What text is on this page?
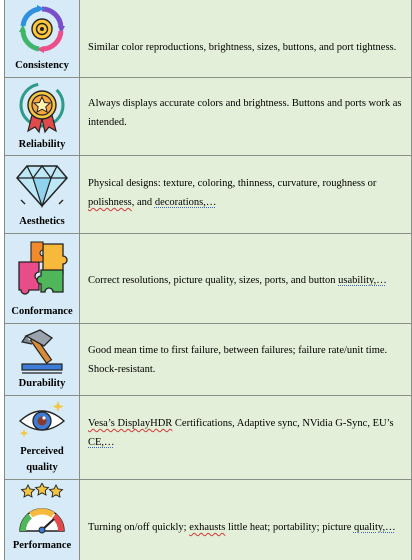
Consistency
Similar color reproductions, brightness, sizes, buttons, and port tightness.
Reliability
Always displays accurate colors and brightness. Buttons and ports work as intended.
Aesthetics
Physical designs: texture, coloring, thinness, curvature, roughness or
polishness, and decorations,…
Conformance
Correct resolutions, picture quality, sizes, ports, and button usability,…
Durability
Good mean time to first failure, between failures; failure rate/unit time. Shock-resistant.
Perceived
quality
Vesa’s DisplayHDR Certifications, Adaptive sync, NVidia G-Sync, EU’s
CE,…
Performance
Turning on/off quickly; exhausts little heat; portability; picture quality,…
